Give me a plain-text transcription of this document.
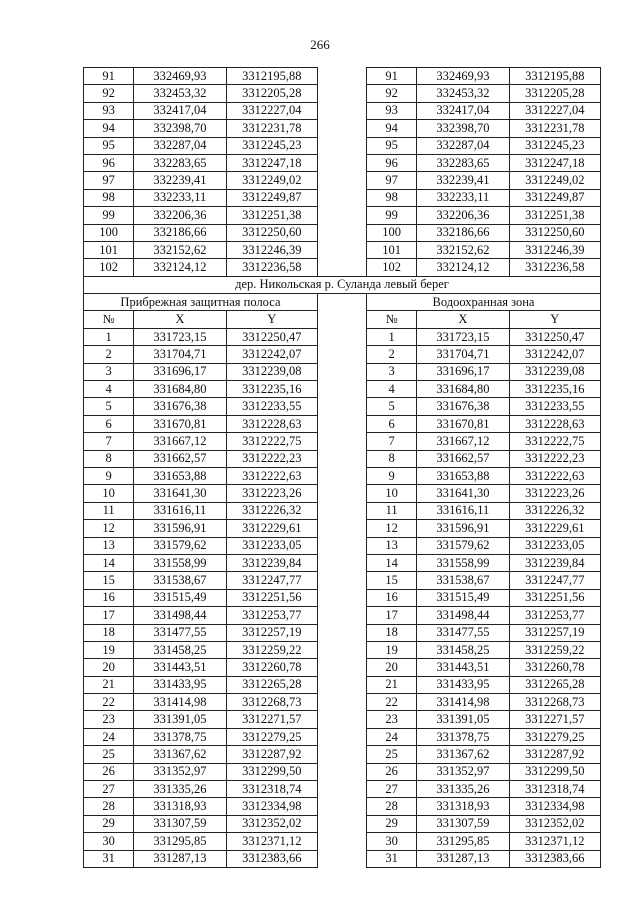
266
91	332469,93	3312195,88		91	332469,93	3312195,88
92	332453,32	3312205,28		92	332453,32	3312205,28
93	332417,04	3312227,04		93	332417,04	3312227,04
94	332398,70	3312231,78		94	332398,70	3312231,78
95	332287,04	3312245,23		95	332287,04	3312245,23
96	332283,65	3312247,18		96	332283,65	3312247,18
97	332239,41	3312249,02		97	332239,41	3312249,02
98	332233,11	3312249,87		98	332233,11	3312249,87
99	332206,36	3312251,38		99	332206,36	3312251,38
100	332186,66	3312250,60		100	332186,66	3312250,60
101	332152,62	3312246,39		101	332152,62	3312246,39
102	332124,12	3312236,58		102	332124,12	3312236,58
дер. Никольская р. Суланда левый берег						
Прибрежная защитная полоса				Водоохранная зона		
№	X	Y		№	X	Y
1	331723,15	3312250,47		1	331723,15	3312250,47
2	331704,71	3312242,07		2	331704,71	3312242,07
3	331696,17	3312239,08		3	331696,17	3312239,08
4	331684,80	3312235,16		4	331684,80	3312235,16
5	331676,38	3312233,55		5	331676,38	3312233,55
6	331670,81	3312228,63		6	331670,81	3312228,63
7	331667,12	3312222,75		7	331667,12	3312222,75
8	331662,57	3312222,23		8	331662,57	3312222,23
9	331653,88	3312222,63		9	331653,88	3312222,63
10	331641,30	3312223,26		10	331641,30	3312223,26
11	331616,11	3312226,32		11	331616,11	3312226,32
12	331596,91	3312229,61		12	331596,91	3312229,61
13	331579,62	3312233,05		13	331579,62	3312233,05
14	331558,99	3312239,84		14	331558,99	3312239,84
15	331538,67	3312247,77		15	331538,67	3312247,77
16	331515,49	3312251,56		16	331515,49	3312251,56
17	331498,44	3312253,77		17	331498,44	3312253,77
18	331477,55	3312257,19		18	331477,55	3312257,19
19	331458,25	3312259,22		19	331458,25	3312259,22
20	331443,51	3312260,78		20	331443,51	3312260,78
21	331433,95	3312265,28		21	331433,95	3312265,28
22	331414,98	3312268,73		22	331414,98	3312268,73
23	331391,05	3312271,57		23	331391,05	3312271,57
24	331378,75	3312279,25		24	331378,75	3312279,25
25	331367,62	3312287,92		25	331367,62	3312287,92
26	331352,97	3312299,50		26	331352,97	3312299,50
27	331335,26	3312318,74		27	331335,26	3312318,74
28	331318,93	3312334,98		28	331318,93	3312334,98
29	331307,59	3312352,02		29	331307,59	3312352,02
30	331295,85	3312371,12		30	331295,85	3312371,12
31	331287,13	3312383,66		31	331287,13	3312383,66
